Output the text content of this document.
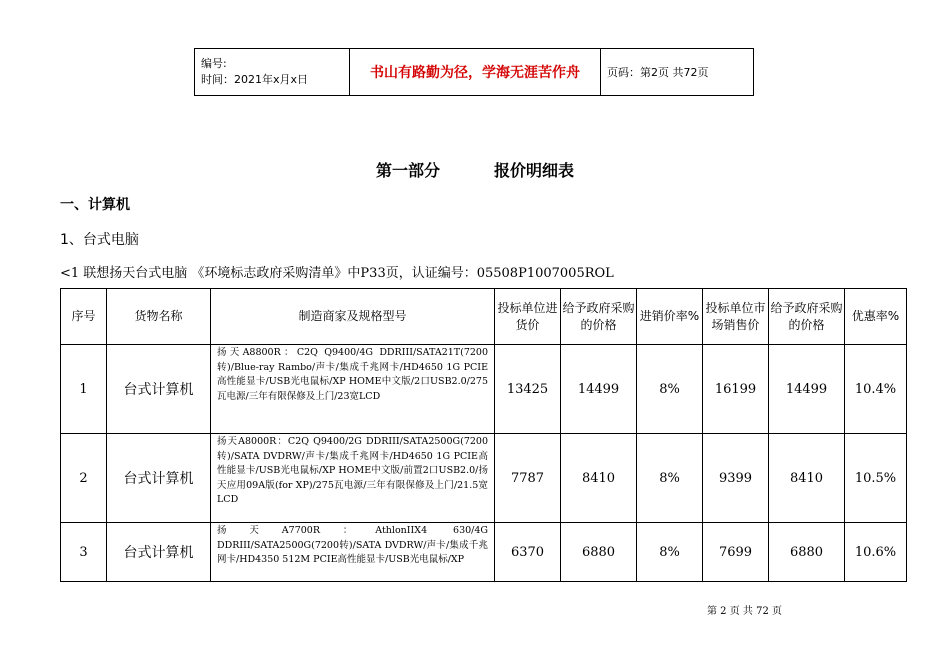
编号:
时间：2021年x月x日	书山有路勤为径，学海无涯苦作舟	页码：第2页 共72页
第一部分	报价明细表
一、计算机
1、台式电脑
<1 联想扬天台式电脑 《环境标志政府采购清单》中P33页，认证编号：05508P1007005ROL
序号	货物名称	制造商家及规格型号	投标单位进货价	给予政府采购的价格	进销价率%	投标单位市场销售价	给予政府采购的价格	优惠率%
1	台式计算机	扬天A8800R：C2Q Q9400/4G DDRIII/SATA21T(7200转)/Blue-ray Rambo/声卡/集成千兆网卡/HD4650 1G PCIE高性能显卡/USB光电鼠标/XP HOME中文版/2口USB2.0/275瓦电源/三年有限保修及上门/23宽LCD	13425	14499	8%	16199	14499	10.4%
2	台式计算机	扬天A8000R：C2Q Q9400/2G DDRIII/SATA2500G(7200转)/SATA DVDRW/声卡/集成千兆网卡/HD4650 1G PCIE高性能显卡/USB光电鼠标/XP HOME中文版/前置2口USB2.0/扬天应用09A版(for XP)/275瓦电源/三年有限保修及上门/21.5宽LCD	7787	8410	8%	9399	8410	10.5%
3	台式计算机	扬天A7700R：AthlonIIX4 630/4G DDRIII/SATA2500G(7200转)/SATA DVDRW/声卡/集成千兆网卡/HD4350 512M PCIE高性能显卡/USB光电鼠标/XP	6370	6880	8%	7699	6880	10.6%
第 2 页 共 72 页
